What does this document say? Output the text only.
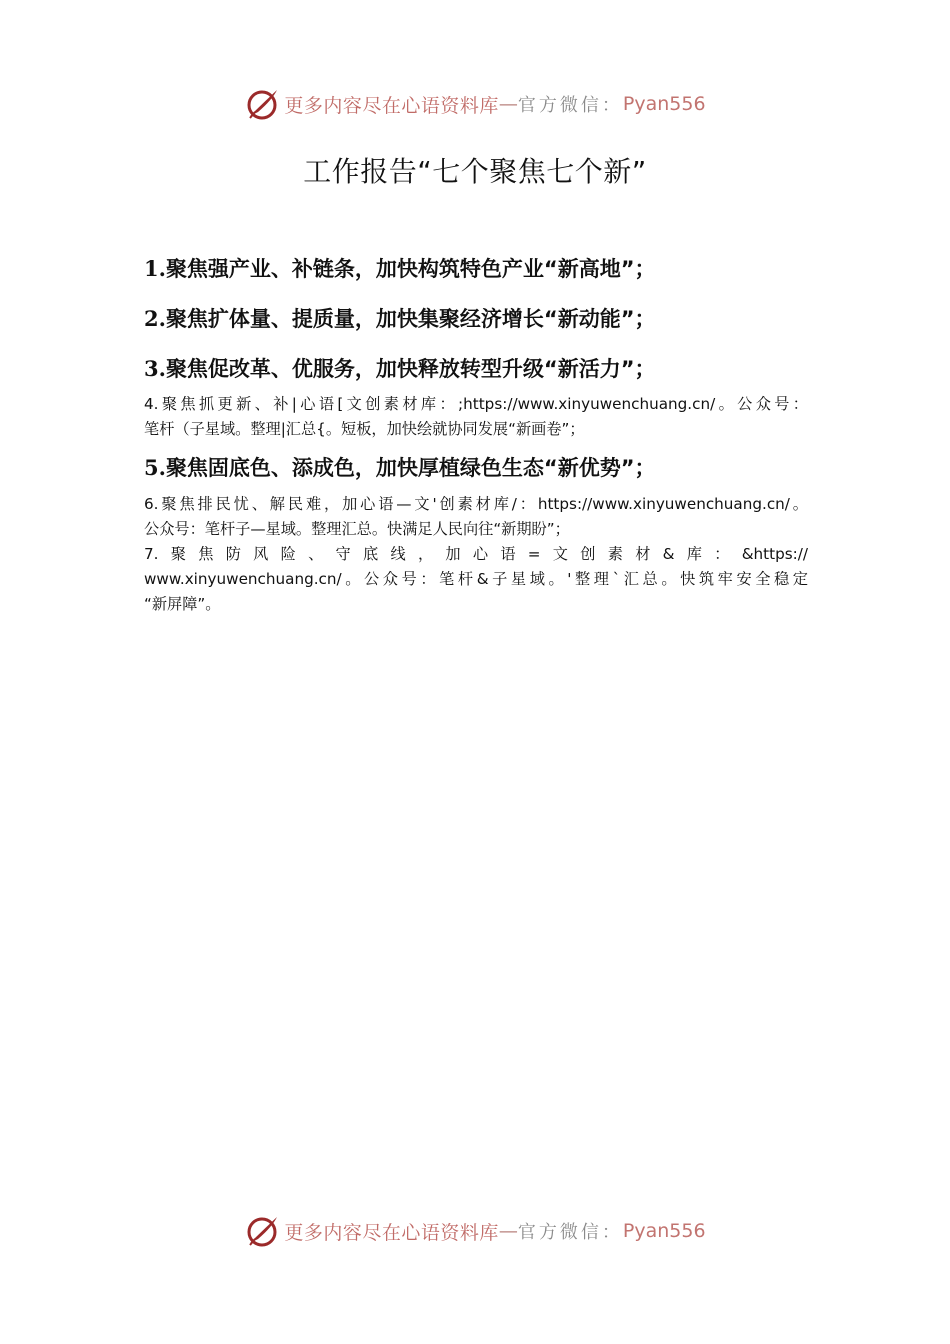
更多内容尽在心语资料库 — 官方微信： Pyan556
工作报告“七个聚焦七个新”

1.聚焦强产业、补链条，加快构筑特色产业“新高地”；

2.聚焦扩体量、提质量，加快集聚经济增长“新动能”；

3.聚焦促改革、优服务，加快释放转型升级“新活力”；

4.聚焦抓更新、补|心语[文创素材库：;https://www.xinyuwenchuang.cn/。公众号：

笔杆（子星域。整理|汇总{。短板，加快绘就协同发展“新画卷”；

5.聚焦固底色、添成色，加快厚植绿色生态“新优势”；

6.聚焦排民忧、解民难，加心语—文'创素材库/：https://www.xinyuwenchuang.cn/。

公众号：笔杆子—星域。整理汇总。快满足人民向往“新期盼”；

7.聚焦防风险、守底线，加心语=文创素材&库：&https://

www.xinyuwenchuang.cn/。公众号：笔杆&子星域。'整理`汇总。快筑牢安全稳定

“新屏障”。

更多内容尽在心语资料库 — 官方微信： Pyan556
